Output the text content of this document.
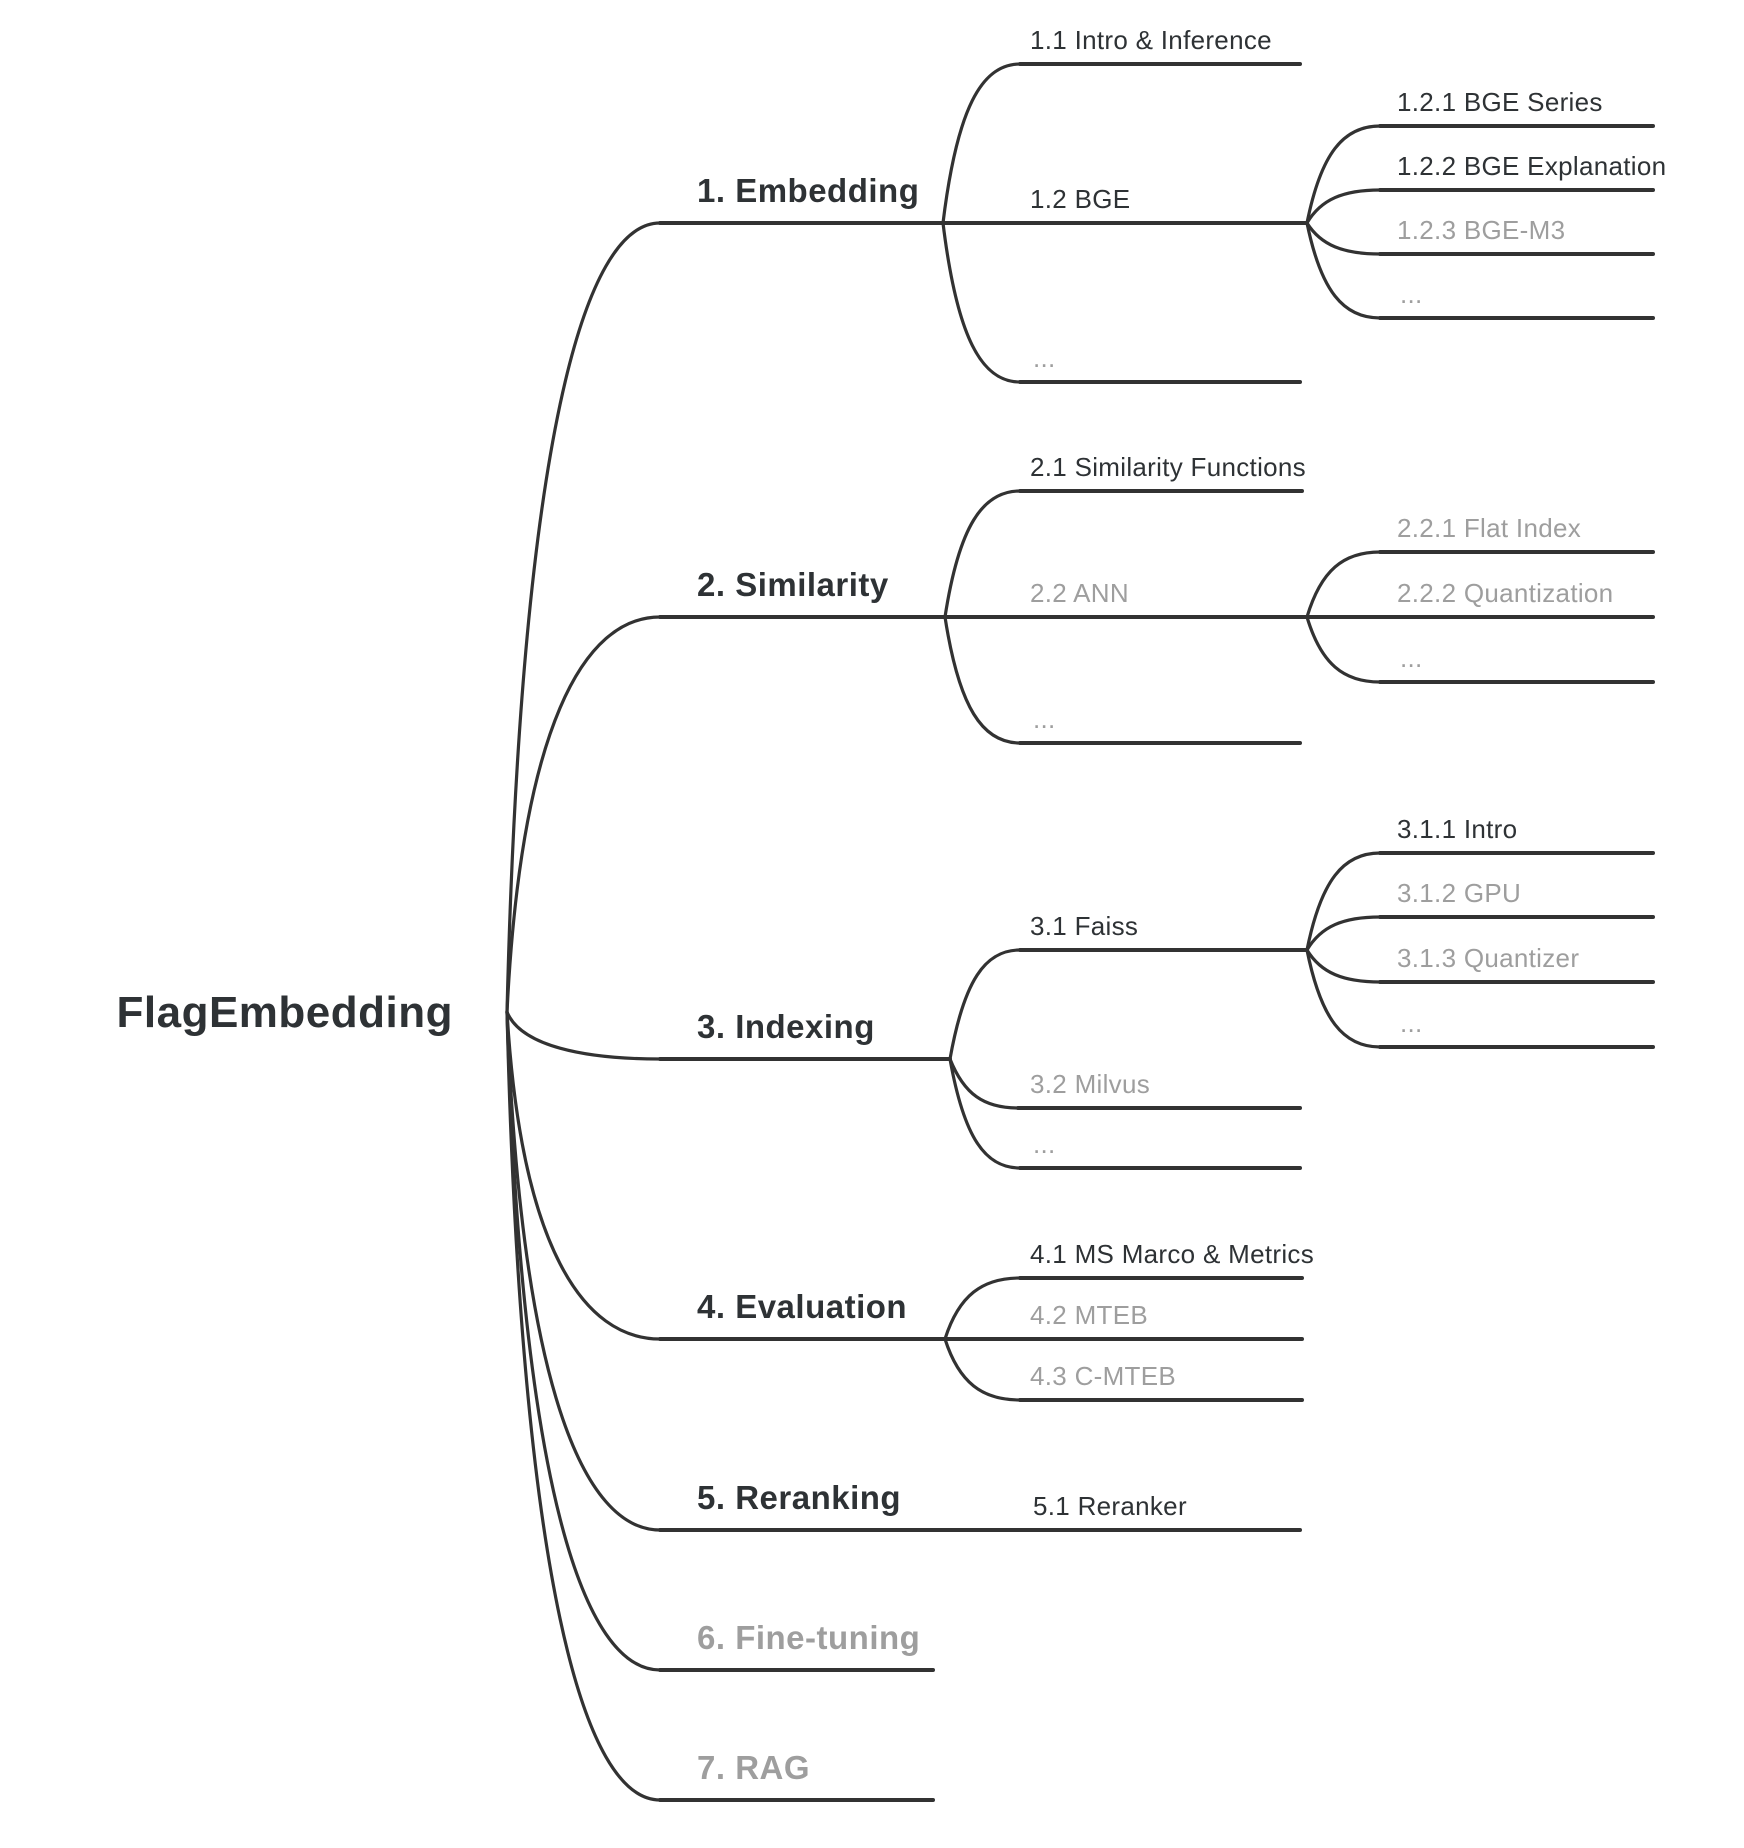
FlagEmbedding
1. Embedding
1.1 Intro & Inference
1.2 BGE
1.2.1 BGE Series
1.2.2 BGE Explanation
1.2.3 BGE-M3
...
...
2. Similarity
2.1 Similarity Functions
2.2 ANN
2.2.1 Flat Index
2.2.2 Quantization
...
...
3. Indexing
3.1 Faiss
3.1.1 Intro
3.1.2 GPU
3.1.3 Quantizer
...
3.2 Milvus
...
4. Evaluation
4.1 MS Marco & Metrics
4.2 MTEB
4.3 C-MTEB
5. Reranking	5.1 Reranker
6. Fine-tuning
7. RAG
